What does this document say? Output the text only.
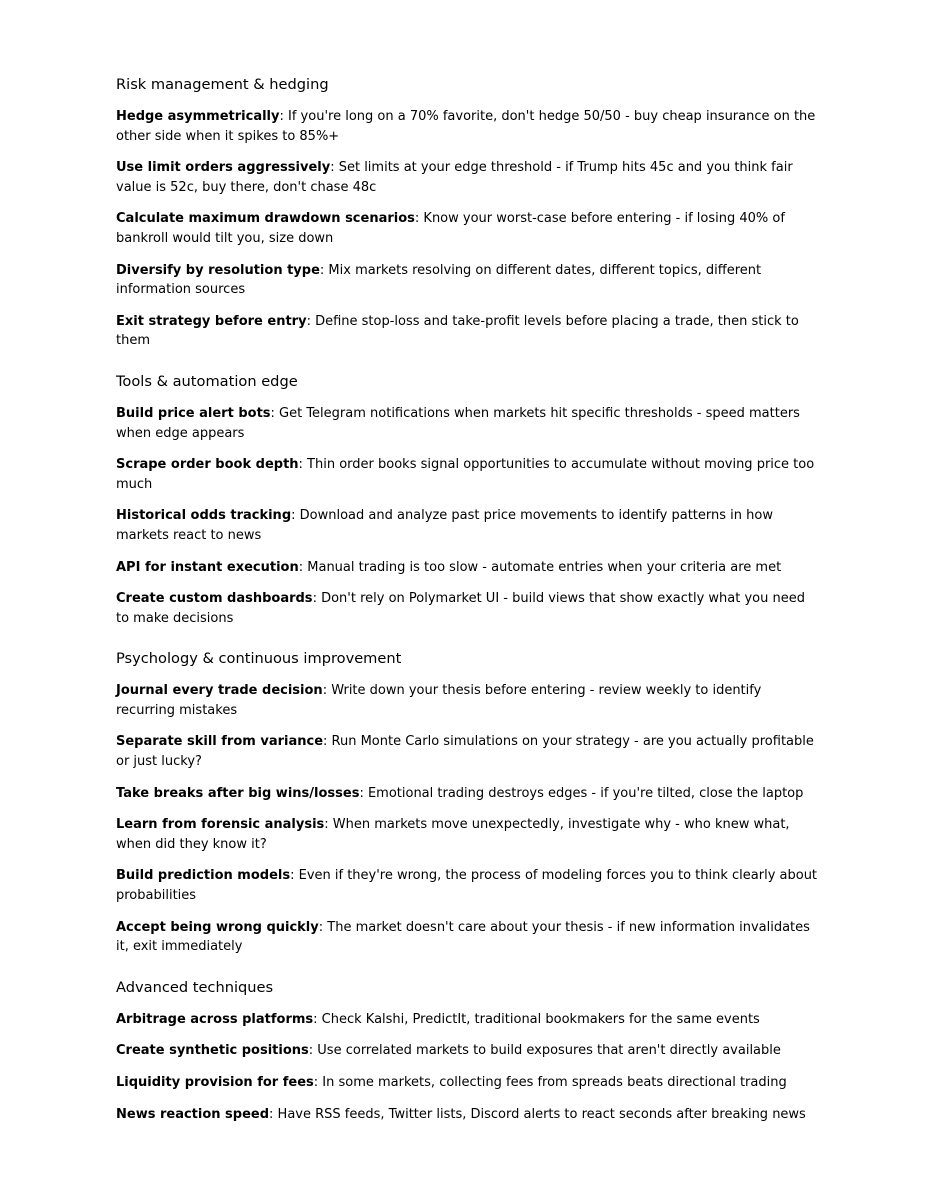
Risk management & hedging

Hedge asymmetrically: If you're long on a 70% favorite, don't hedge 50/50 - buy cheap insurance on the other side when it spikes to 85%+

Use limit orders aggressively: Set limits at your edge threshold - if Trump hits 45c and you think fair value is 52c, buy there, don't chase 48c

Calculate maximum drawdown scenarios: Know your worst-case before entering - if losing 40% of bankroll would tilt you, size down

Diversify by resolution type: Mix markets resolving on different dates, different topics, different information sources

Exit strategy before entry: Define stop-loss and take-profit levels before placing a trade, then stick to them

Tools & automation edge

Build price alert bots: Get Telegram notifications when markets hit specific thresholds - speed matters when edge appears

Scrape order book depth: Thin order books signal opportunities to accumulate without moving price too much

Historical odds tracking: Download and analyze past price movements to identify patterns in how markets react to news

API for instant execution: Manual trading is too slow - automate entries when your criteria are met

Create custom dashboards: Don't rely on Polymarket UI - build views that show exactly what you need to make decisions

Psychology & continuous improvement

Journal every trade decision: Write down your thesis before entering - review weekly to identify recurring mistakes

Separate skill from variance: Run Monte Carlo simulations on your strategy - are you actually profitable or just lucky?

Take breaks after big wins/losses: Emotional trading destroys edges - if you're tilted, close the laptop

Learn from forensic analysis: When markets move unexpectedly, investigate why - who knew what, when did they know it?

Build prediction models: Even if they're wrong, the process of modeling forces you to think clearly about probabilities

Accept being wrong quickly: The market doesn't care about your thesis - if new information invalidates it, exit immediately

Advanced techniques

Arbitrage across platforms: Check Kalshi, PredictIt, traditional bookmakers for the same events

Create synthetic positions: Use correlated markets to build exposures that aren't directly available

Liquidity provision for fees: In some markets, collecting fees from spreads beats directional trading

News reaction speed: Have RSS feeds, Twitter lists, Discord alerts to react seconds after breaking news
